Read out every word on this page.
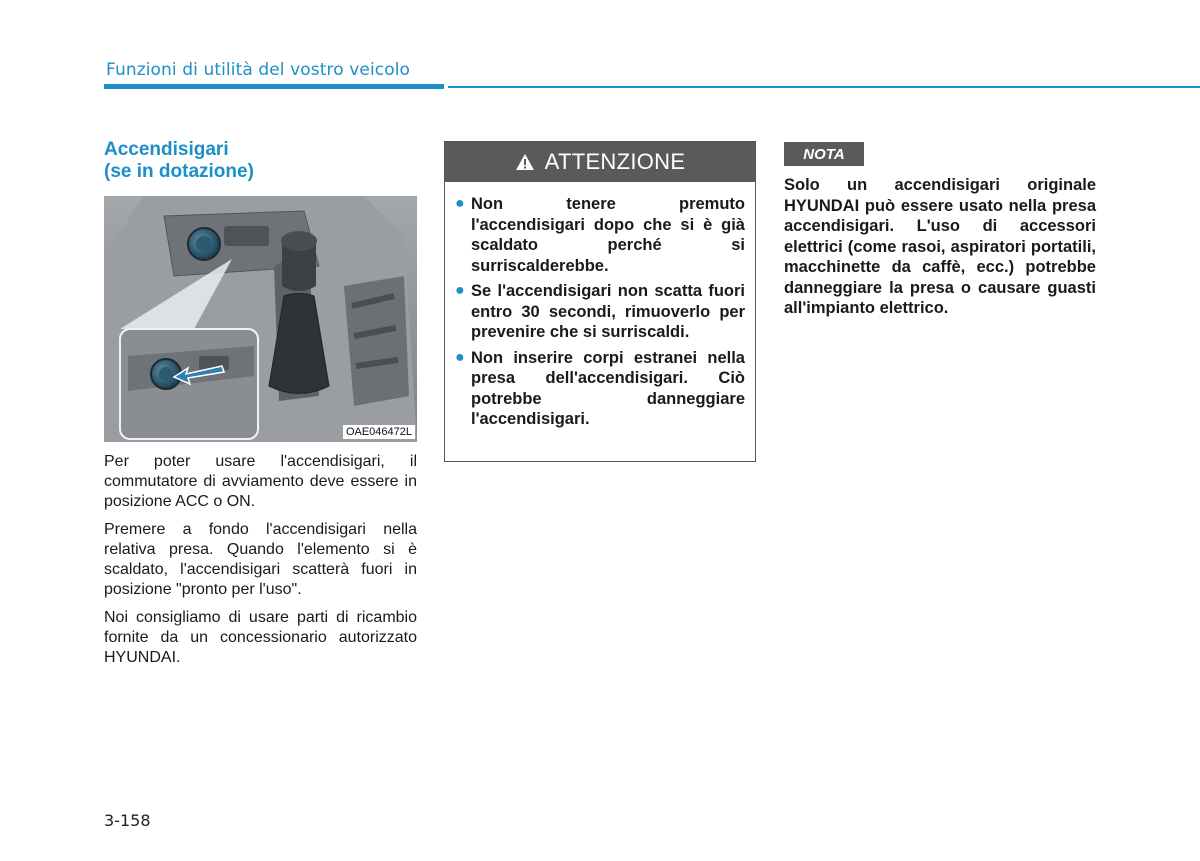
Funzioni di utilità del vostro veicolo
Accendisigari
(se in dotazione)
OAE046472L

Per poter usare l'accendisigari, il commutatore di avviamento deve essere in posizione ACC o ON.

Premere a fondo l'accendisigari nella relativa presa. Quando l'elemento si è scaldato, l'accendisigari scatterà fuori in posizione "pronto per l'uso".

Noi consigliamo di usare parti di ricambio fornite da un concessionario autorizzato HYUNDAI.

ATTENZIONE
● Non tenere premuto l'accendisigari dopo che si è già scaldato perché si surriscalderebbe.
● Se l'accendisigari non scatta fuori entro 30 secondi, rimuoverlo per prevenire che si surriscaldi.
● Non inserire corpi estranei nella presa dell'accendisigari. Ciò potrebbe danneggiare l'accendisigari.
NOTA
Solo un accendisigari originale HYUNDAI può essere usato nella presa accendisigari. L'uso di accessori elettrici (come rasoi, aspiratori portatili, macchinette da caffè, ecc.) potrebbe danneggiare la presa o causare guasti all'impianto elettrico.
3-158
